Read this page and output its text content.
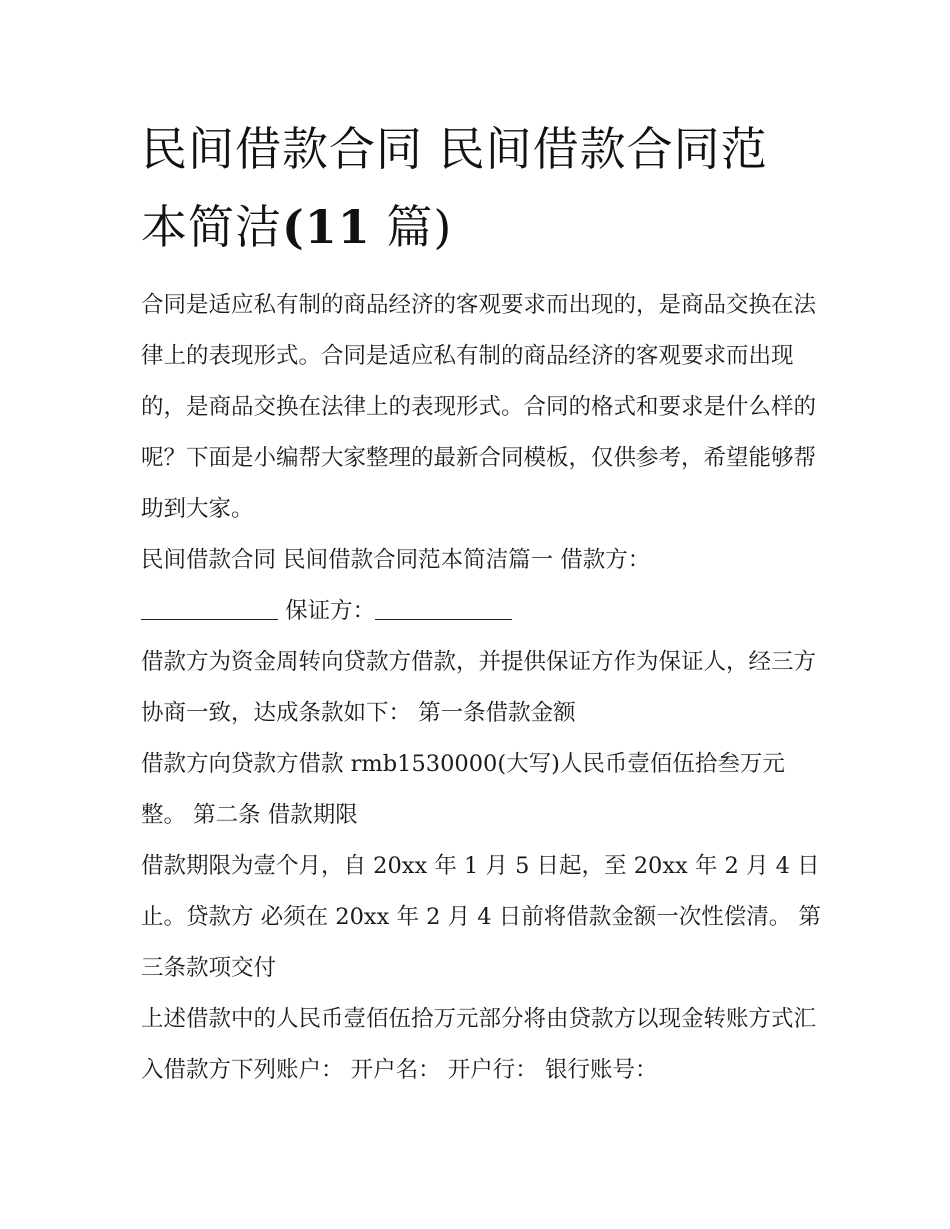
民间借款合同 民间借款合同范
本简洁(11 篇)

合同是适应私有制的商品经济的客观要求而出现的，是商品交换在法律上的表现形式。合同是适应私有制的商品经济的客观要求而出现的，是商品交换在法律上的表现形式。合同的格式和要求是什么样的呢？下面是小编帮大家整理的最新合同模板，仅供参考，希望能够帮助到大家。

民间借款合同 民间借款合同范本简洁篇一 借款方：

保证方：

借款方为资金周转向贷款方借款，并提供保证方作为保证人，经三方协商一致，达成条款如下： 第一条借款金额

借款方向贷款方借款 rmb1530000(大写)人民币壹佰伍拾叁万元整。 第二条 借款期限

借款期限为壹个月，自 20xx 年 1 月 5 日起，至 20xx 年 2 月 4 日止。贷款方 必须在 20xx 年 2 月 4 日前将借款金额一次性偿清。 第三条款项交付

上述借款中的人民币壹佰伍拾万元部分将由贷款方以现金转账方式汇入借款方下列账户： 开户名： 开户行： 银行账号：
